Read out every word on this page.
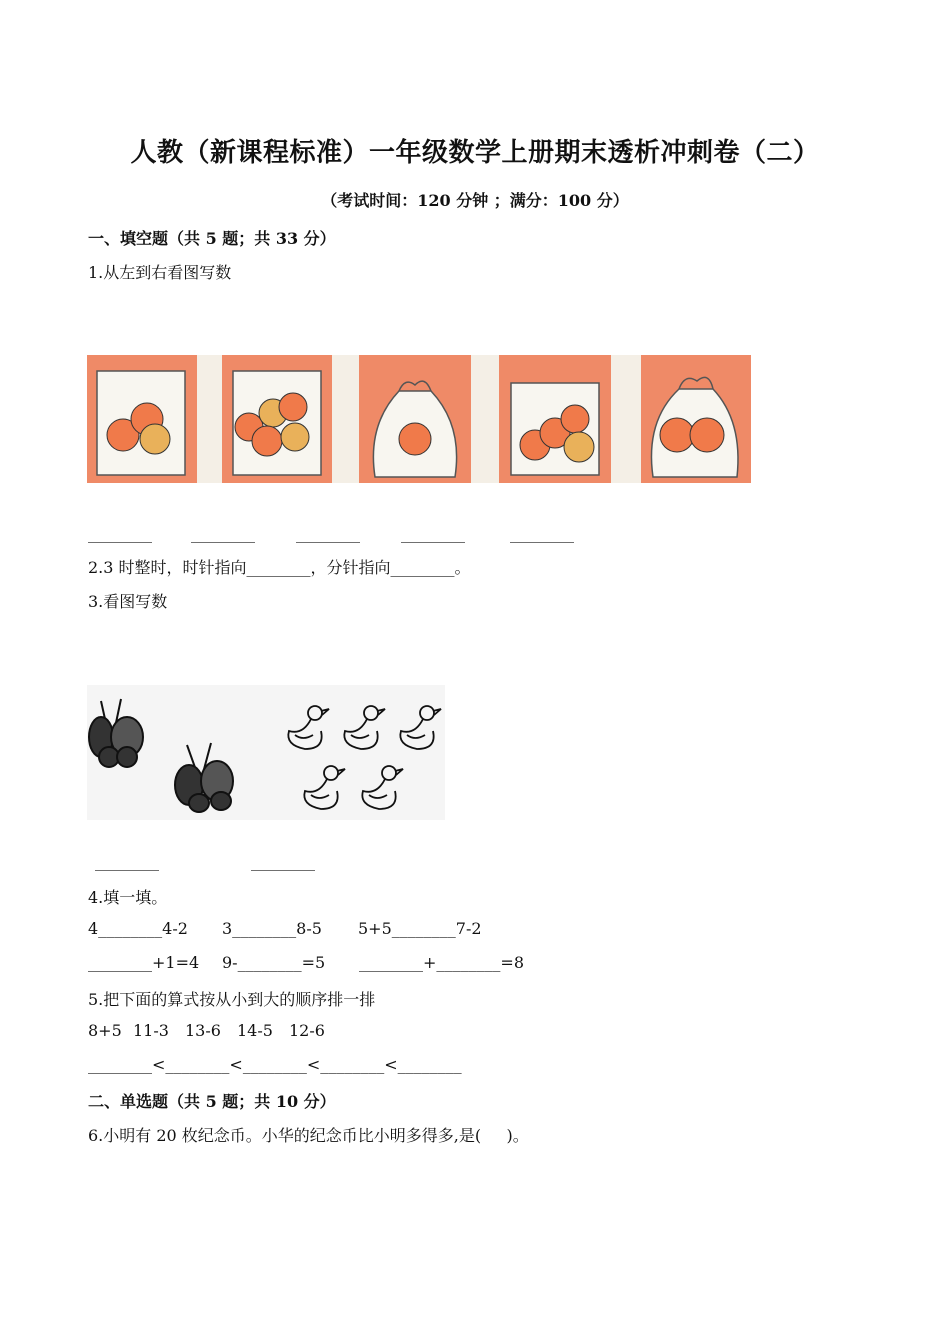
人教（新课程标准）一年级数学上册期末透析冲刺卷（二）
（考试时间：120 分钟 ；满分：100 分）
一、填空题（共 5 题；共 33 分）
1.从左到右看图写数
________ ________	________	________	________
2.3 时整时，时针指向________，分针指向________。
3.看图写数
________	________
4.填一填。
4________4-2 3________8-5 5+5________7-2
________+1=4 9-________=5 ________+________=8
5.把下面的算式按从小到大的顺序排一排
8+5 11-3 13-6 14-5 12-6
________<________<________<________<________
二、单选题（共 5 题；共 10 分）
6.小明有 20 枚纪念币。小华的纪念币比小明多得多,是(     )。
